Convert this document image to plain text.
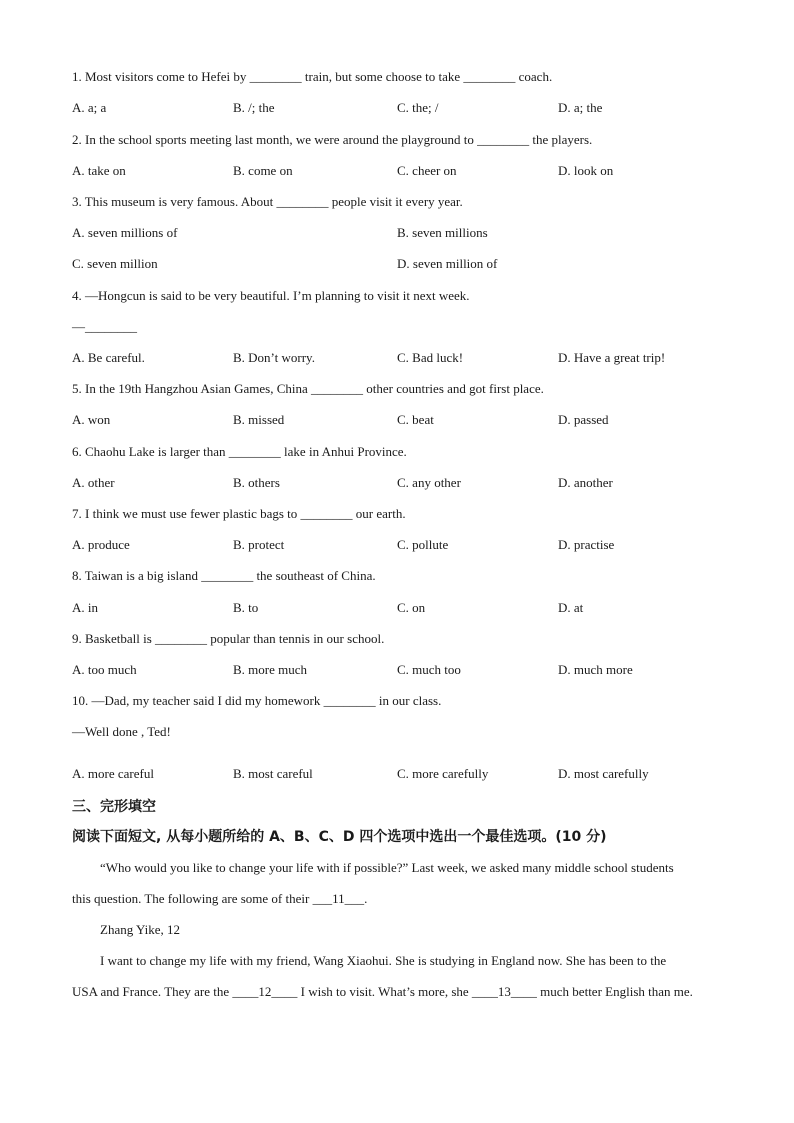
1. Most visitors come to Hefei by ________ train, but some choose to take ________ coach.
A. a; a	B. /; the	C. the; /	D. a; the
2. In the school sports meeting last month, we were around the playground to ________ the players.
A. take on	B. come on	C. cheer on	D. look on
3. This museum is very famous. About ________ people visit it every year.
A. seven millions of	B. seven millions
C. seven million	D. seven million of
4. —Hongcun is said to be very beautiful. I’m planning to visit it next week.
—________
A. Be careful.	B. Don’t worry.	C. Bad luck!	D. Have a great trip!
5. In the 19th Hangzhou Asian Games, China ________ other countries and got first place.
A. won	B. missed	C. beat	D. passed
6. Chaohu Lake is larger than ________ lake in Anhui Province.
A. other	B. others	C. any other	D. another
7. I think we must use fewer plastic bags to ________ our earth.
A. produce	B. protect	C. pollute	D. practise
8. Taiwan is a big island ________ the southeast of China.
A. in	B. to	C. on	D. at
9. Basketball is ________ popular than tennis in our school.
A. too much	B. more much	C. much too	D. much more
10. —Dad, my teacher said I did my homework ________ in our class.
—Well done , Ted!
A. more careful	B. most careful	C. more carefully	D. most carefully
三、完形填空
阅读下面短文, 从每小题所给的 A、B、C、D 四个选项中选出一个最佳选项。(10 分)
“Who would you like to change your life with if possible?” Last week, we asked many middle school students
this question. The following are some of their ___11___.
Zhang Yike, 12
I want to change my life with my friend, Wang Xiaohui. She is studying in England now. She has been to the
USA and France. They are the ____12____ I wish to visit. What’s more, she ____13____ much better English than me.
